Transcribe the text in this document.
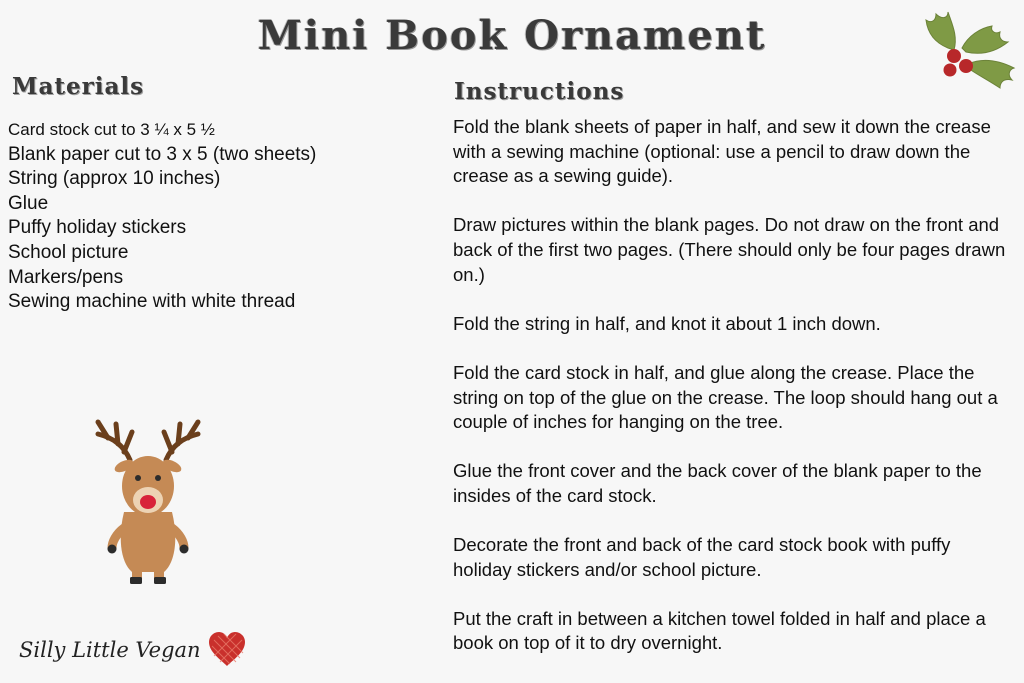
Mini Book Ornament
Materials
Card stock cut to 3 ¼ x 5 ½
Blank paper cut to 3 x 5 (two sheets)
String (approx 10 inches)
Glue
Puffy holiday stickers
School picture
Markers/pens
Sewing machine with white thread
Instructions

Fold the blank sheets of paper in half, and sew it down the crease with a sewing machine (optional: use a pencil to draw down the crease as a sewing guide).

Draw pictures within the blank pages. Do not draw on the front and back of the first two pages. (There should only be four pages drawn on.)

Fold the string in half, and knot it about 1 inch down.

Fold the card stock in half, and glue along the crease. Place the string on top of the glue on the crease. The loop should hang out a couple of inches for hanging on the tree.

Glue the front cover and the back cover of the blank paper to the insides of the card stock.

Decorate the front and back of the card stock book with puffy holiday stickers and/or school picture.

Put the craft in between a kitchen towel folded in half and place a book on top of it to dry overnight.

Silly Little Vegan
